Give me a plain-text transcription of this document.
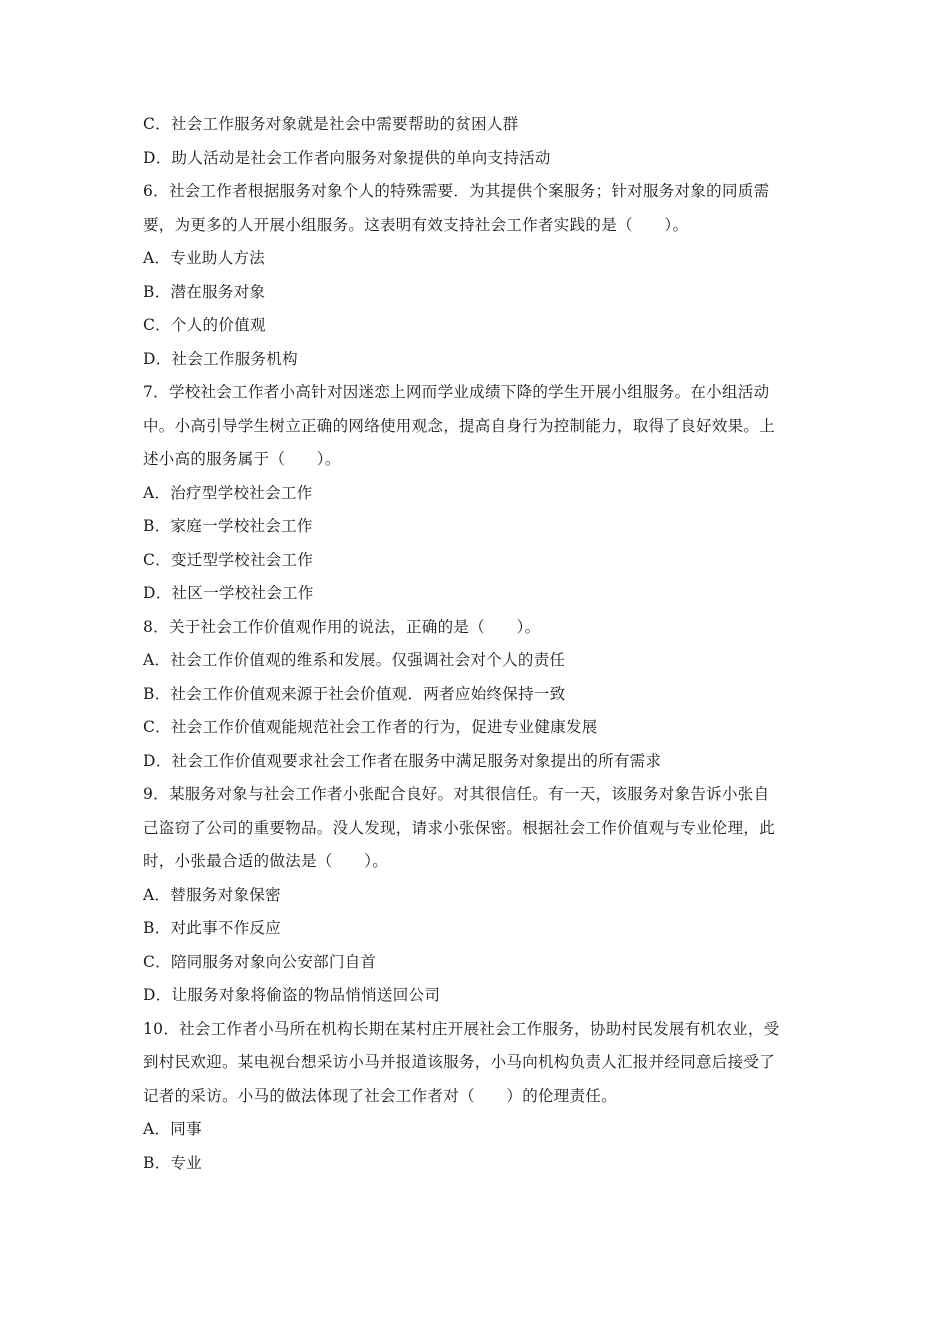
C．社会工作服务对象就是社会中需要帮助的贫困人群
D．助人活动是社会工作者向服务对象提供的单向支持活动
6．社会工作者根据服务对象个人的特殊需要．为其提供个案服务；针对服务对象的同质需
要，为更多的人开展小组服务。这表明有效支持社会工作者实践的是（　　）。
A．专业助人方法
B．潜在服务对象
C．个人的价值观
D．社会工作服务机构
7．学校社会工作者小高针对因迷恋上网而学业成绩下降的学生开展小组服务。在小组活动
中。小高引导学生树立正确的网络使用观念，提高自身行为控制能力，取得了良好效果。上
述小高的服务属于（　　）。
A．治疗型学校社会工作
B．家庭一学校社会工作
C．变迁型学校社会工作
D．社区一学校社会工作
8．关于社会工作价值观作用的说法，正确的是（　　）。
A．社会工作价值观的维系和发展。仅强调社会对个人的责任
B．社会工作价值观来源于社会价值观．两者应始终保持一致
C．社会工作价值观能规范社会工作者的行为，促进专业健康发展
D．社会工作价值观要求社会工作者在服务中满足服务对象提出的所有需求
9．某服务对象与社会工作者小张配合良好。对其很信任。有一天，该服务对象告诉小张自
己盗窃了公司的重要物品。没人发现，请求小张保密。根据社会工作价值观与专业伦理，此
时，小张最合适的做法是（　　）。
A．替服务对象保密
B．对此事不作反应
C．陪同服务对象向公安部门自首
D．让服务对象将偷盗的物品悄悄送回公司
10．社会工作者小马所在机构长期在某村庄开展社会工作服务，协助村民发展有机农业，受
到村民欢迎。某电视台想采访小马并报道该服务，小马向机构负责人汇报并经同意后接受了
记者的采访。小马的做法体现了社会工作者对（　　）的伦理责任。
A．同事
B．专业
